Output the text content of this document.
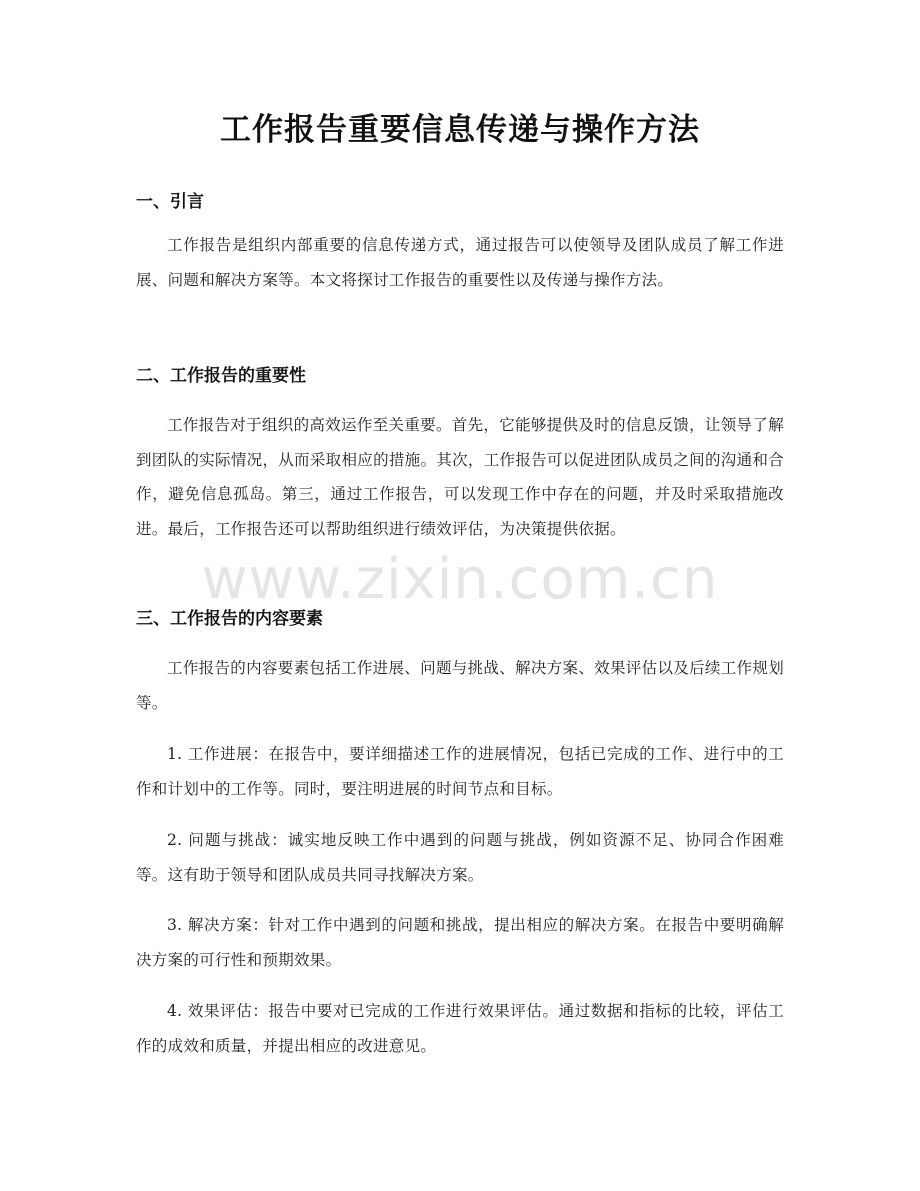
工作报告重要信息传递与操作方法
一、引言
工作报告是组织内部重要的信息传递方式，通过报告可以使领导及团队成员了解工作进展、问题和解决方案等。本文将探讨工作报告的重要性以及传递与操作方法。
二、工作报告的重要性
工作报告对于组织的高效运作至关重要。首先，它能够提供及时的信息反馈，让领导了解到团队的实际情况，从而采取相应的措施。其次，工作报告可以促进团队成员之间的沟通和合作，避免信息孤岛。第三，通过工作报告，可以发现工作中存在的问题，并及时采取措施改进。最后，工作报告还可以帮助组织进行绩效评估，为决策提供依据。
三、工作报告的内容要素
工作报告的内容要素包括工作进展、问题与挑战、解决方案、效果评估以及后续工作规划等。
1. 工作进展：在报告中，要详细描述工作的进展情况，包括已完成的工作、进行中的工作和计划中的工作等。同时，要注明进展的时间节点和目标。
2. 问题与挑战：诚实地反映工作中遇到的问题与挑战，例如资源不足、协同合作困难等。这有助于领导和团队成员共同寻找解决方案。
3. 解决方案：针对工作中遇到的问题和挑战，提出相应的解决方案。在报告中要明确解决方案的可行性和预期效果。
4. 效果评估：报告中要对已完成的工作进行效果评估。通过数据和指标的比较，评估工作的成效和质量，并提出相应的改进意见。
www.zixin.com.cn
